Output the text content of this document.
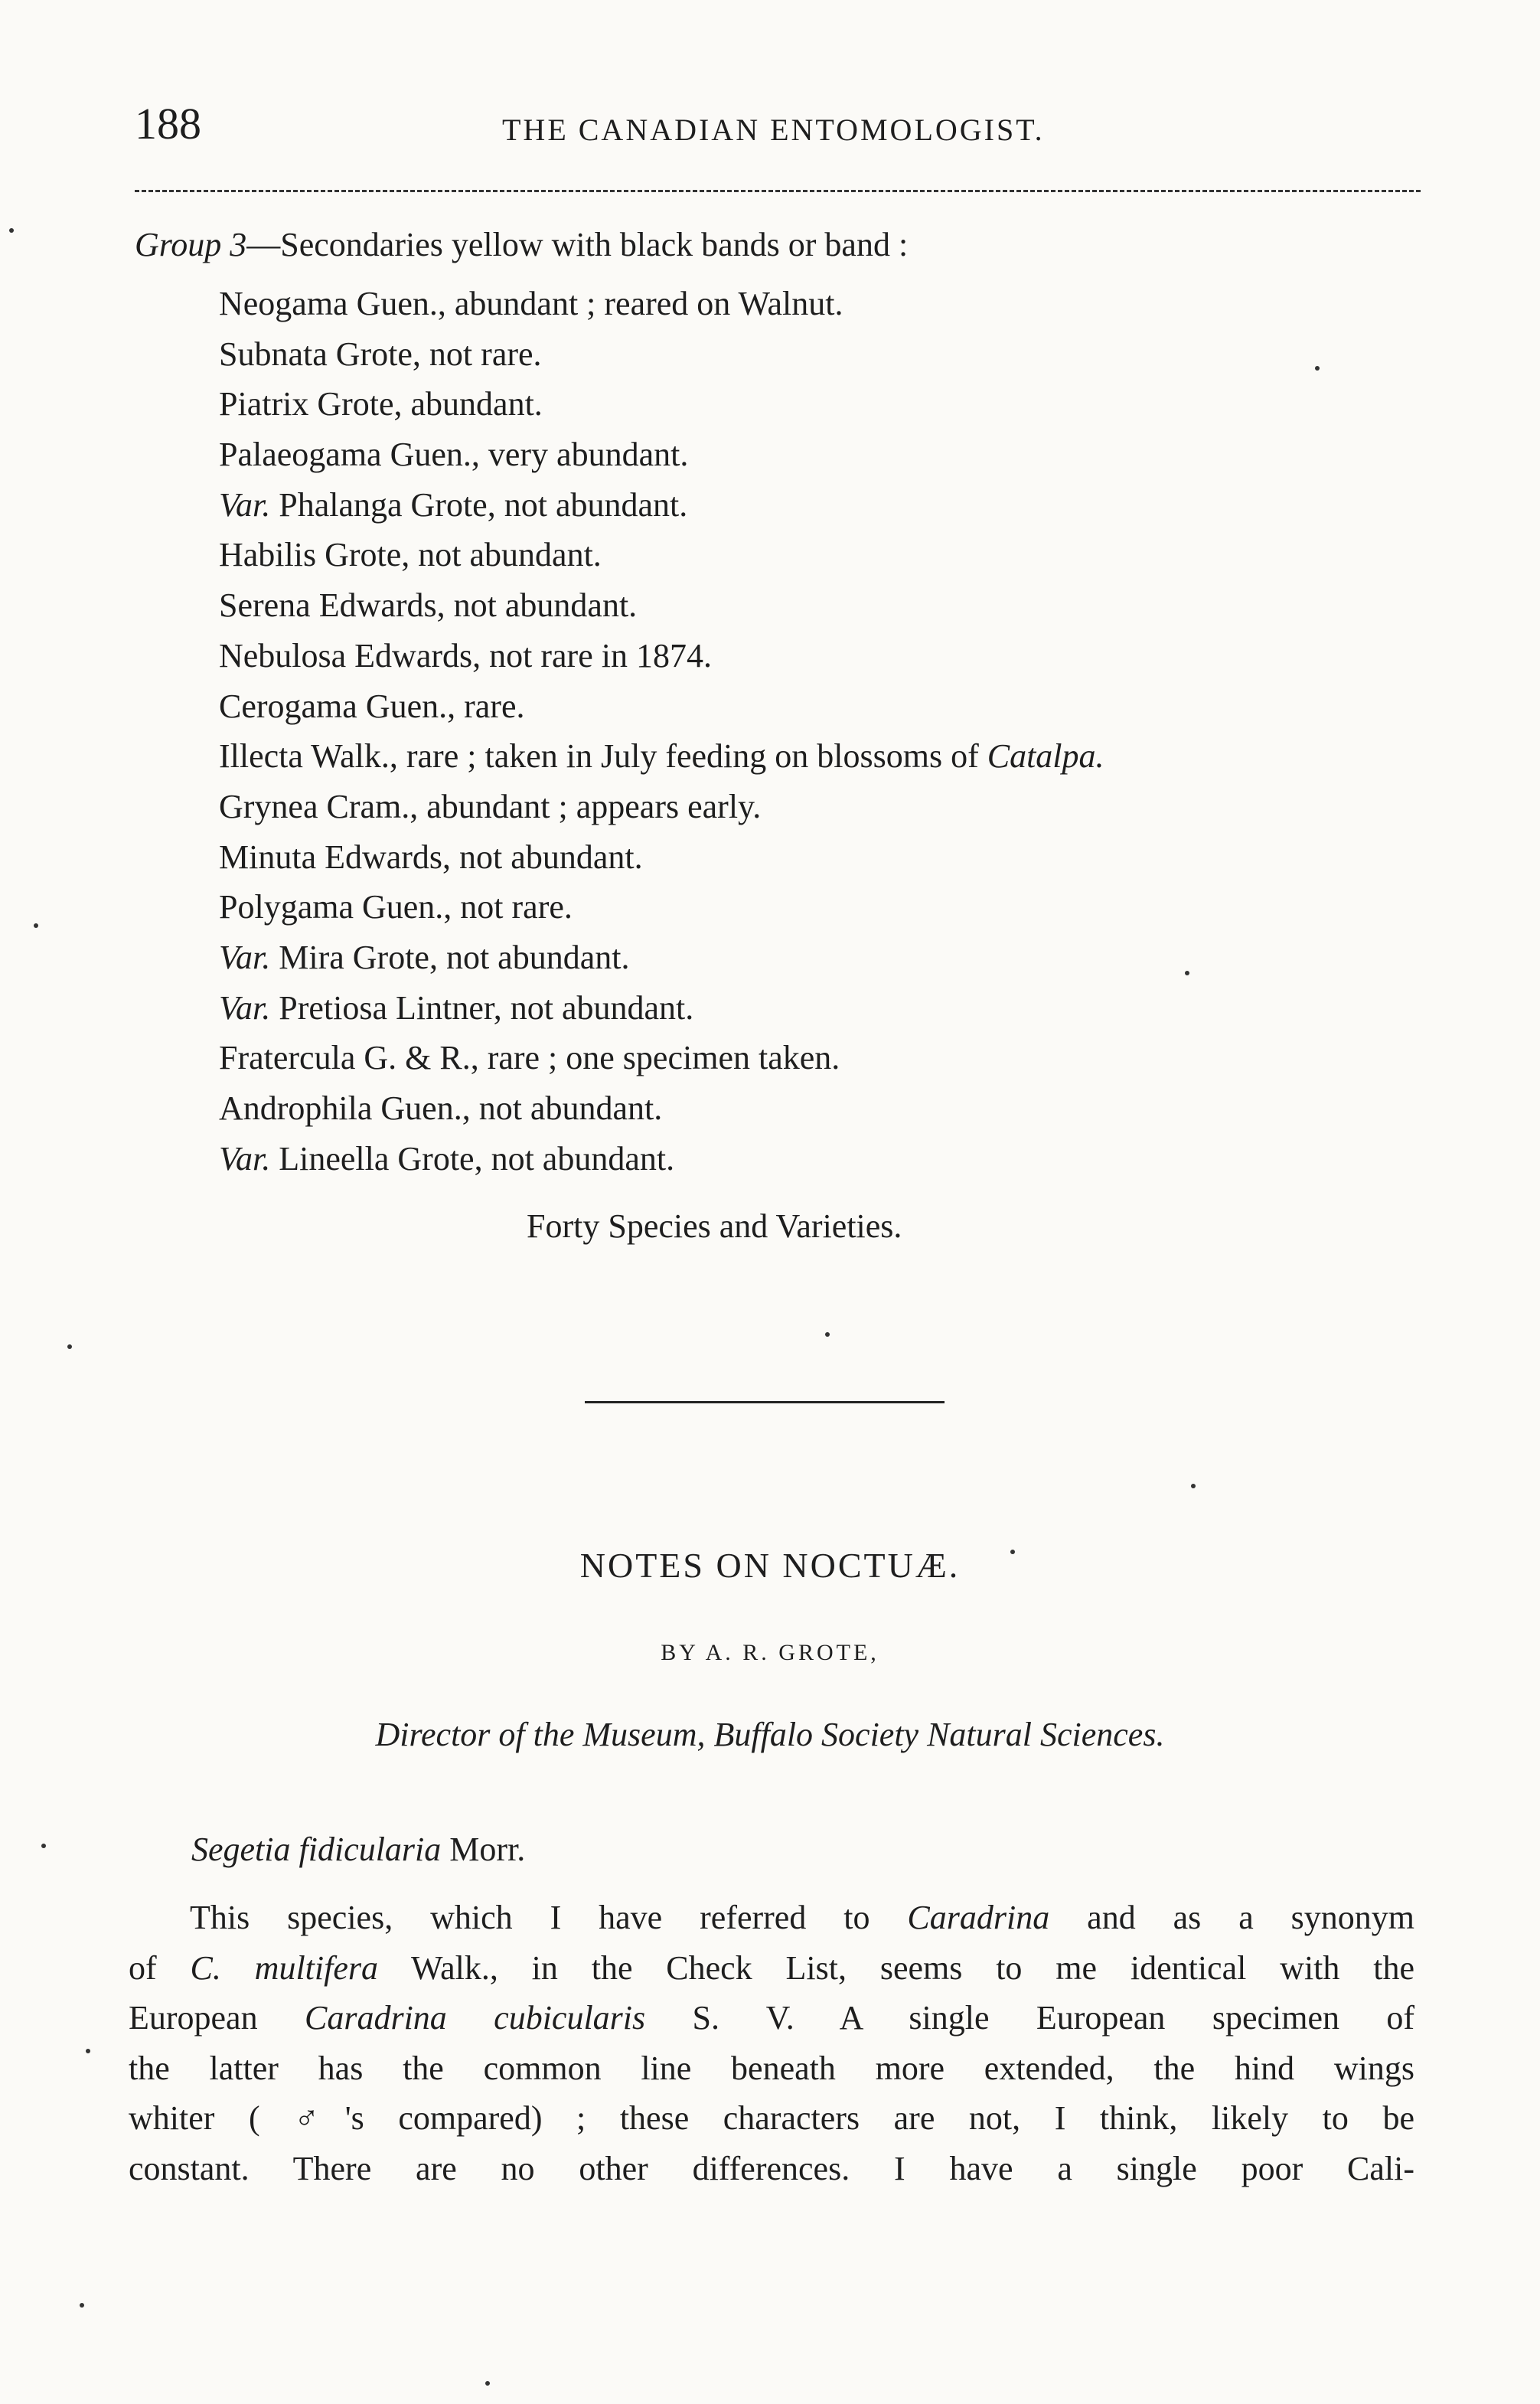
188	THE CANADIAN ENTOMOLOGIST.
Group 3—Secondaries yellow with black bands or band :
Neogama Guen., abundant ; reared on Walnut.
Subnata Grote, not rare.
Piatrix Grote, abundant.
Palaeogama Guen., very abundant.
Var. Phalanga Grote, not abundant.
Habilis Grote, not abundant.
Serena Edwards, not abundant.
Nebulosa Edwards, not rare in 1874.
Cerogama Guen., rare.
Illecta Walk., rare ; taken in July feeding on blossoms of Catalpa.
Grynea Cram., abundant ; appears early.
Minuta Edwards, not abundant.
Polygama Guen., not rare.
Var. Mira Grote, not abundant.
Var. Pretiosa Lintner, not abundant.
Fratercula G. & R., rare ; one specimen taken.
Androphila Guen., not abundant.
Var. Lineella Grote, not abundant.
Forty Species and Varieties.
NOTES ON NOCTUÆ.
BY A. R. GROTE,
Director of the Museum, Buffalo Society Natural Sciences.
Segetia fidicularia Morr.
This species, which I have referred to Caradrina and as a synonym
of C. multifera Walk., in the Check List, seems to me identical with the
European Caradrina cubicularis S. V. A single European specimen of
the latter has the common line beneath more extended, the hind wings
whiter ( ♂'s compared) ; these characters are not, I think, likely to be
constant. There are no other differences. I have a single poor Cali-
